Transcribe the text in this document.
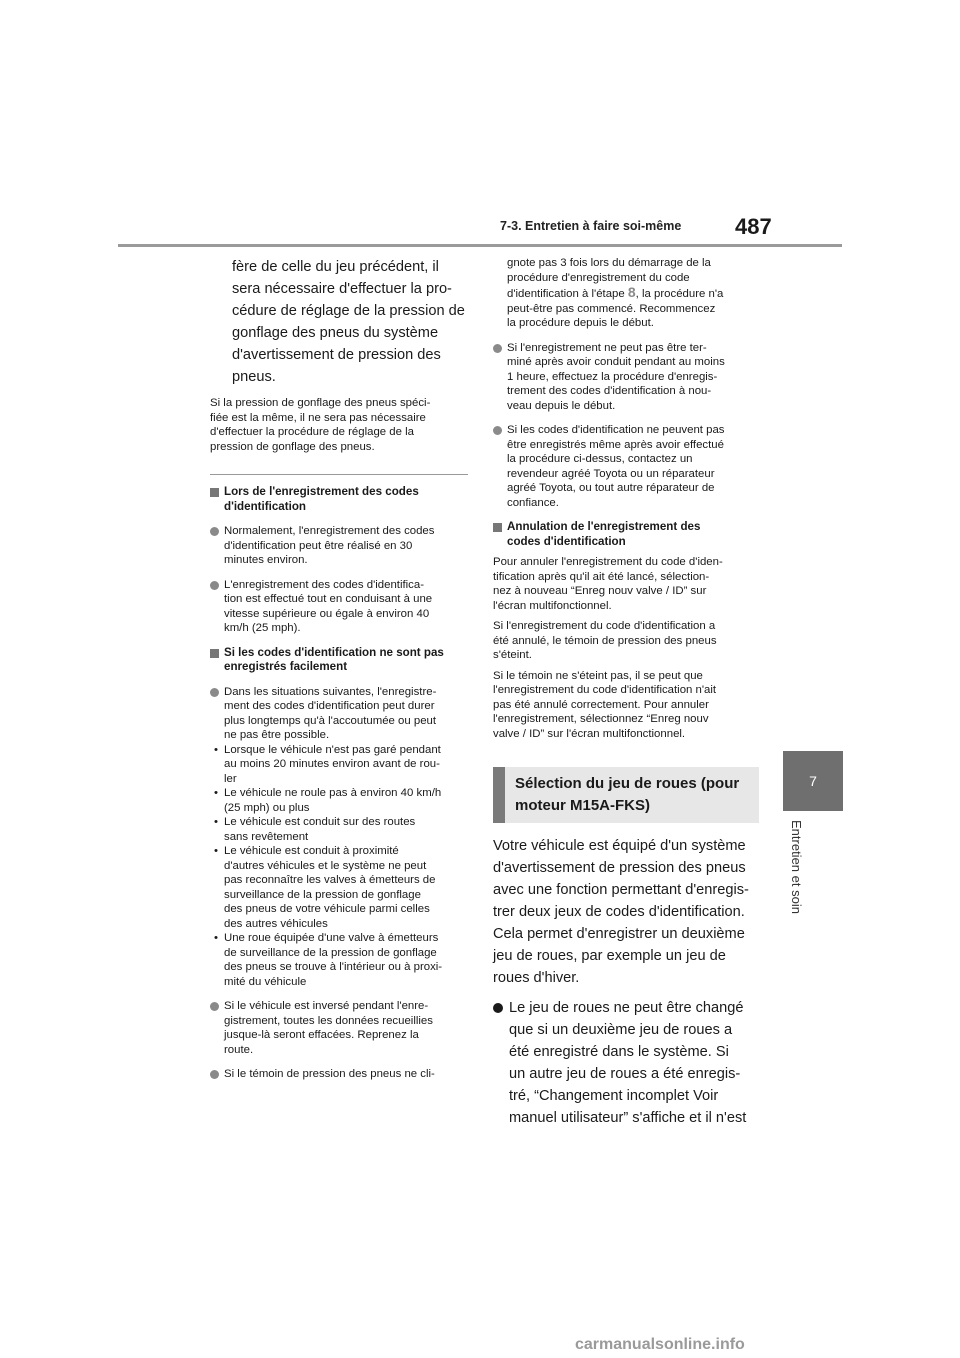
7-3. Entretien à faire soi-même 487
7
Entretien et soin
fère de celle du jeu précédent, il
sera nécessaire d'effectuer la pro-
cédure de réglage de la pression de
gonflage des pneus du système
d'avertissement de pression des
pneus.
Si la pression de gonflage des pneus spéci-
fiée est la même, il ne sera pas nécessaire
d'effectuer la procédure de réglage de la
pression de gonflage des pneus.
Lors de l'enregistrement des codes
d'identification
Normalement, l'enregistrement des codes
d'identification peut être réalisé en 30
minutes environ.
L'enregistrement des codes d'identifica-
tion est effectué tout en conduisant à une
vitesse supérieure ou égale à environ 40
km/h (25 mph).
Si les codes d'identification ne sont pas
enregistrés facilement
Dans les situations suivantes, l'enregistre-
ment des codes d'identification peut durer
plus longtemps qu'à l'accoutumée ou peut
ne pas être possible.
• Lorsque le véhicule n'est pas garé pendant
au moins 20 minutes environ avant de rou-
ler
• Le véhicule ne roule pas à environ 40 km/h
(25 mph) ou plus
• Le véhicule est conduit sur des routes
sans revêtement
• Le véhicule est conduit à proximité
d'autres véhicules et le système ne peut
pas reconnaître les valves à émetteurs de
surveillance de la pression de gonflage
des pneus de votre véhicule parmi celles
des autres véhicules
• Une roue équipée d'une valve à émetteurs
de surveillance de la pression de gonflage
des pneus se trouve à l'intérieur ou à proxi-
mité du véhicule
Si le véhicule est inversé pendant l'enre-
gistrement, toutes les données recueillies
jusque-là seront effacées. Reprenez la
route.
Si le témoin de pression des pneus ne cli-
gnote pas 3 fois lors du démarrage de la
procédure d'enregistrement du code
d'identification à l'étape 8, la procédure n'a
peut-être pas commencé. Recommencez
la procédure depuis le début.
Si l'enregistrement ne peut pas être ter-
miné après avoir conduit pendant au moins
1 heure, effectuez la procédure d'enregis-
trement des codes d'identification à nou-
veau depuis le début.
Si les codes d'identification ne peuvent pas
être enregistrés même après avoir effectué
la procédure ci-dessus, contactez un
revendeur agréé Toyota ou un réparateur
agréé Toyota, ou tout autre réparateur de
confiance.
Annulation de l'enregistrement des
codes d'identification
Pour annuler l'enregistrement du code d'iden-
tification après qu'il ait été lancé, sélection-
nez à nouveau “Enreg nouv valve / ID” sur
l'écran multifonctionnel.
Si l'enregistrement du code d'identification a
été annulé, le témoin de pression des pneus
s'éteint.
Si le témoin ne s'éteint pas, il se peut que
l'enregistrement du code d'identification n'ait
pas été annulé correctement. Pour annuler
l'enregistrement, sélectionnez “Enreg nouv
valve / ID” sur l'écran multifonctionnel.
Sélection du jeu de roues (pour
moteur M15A-FKS)
Votre véhicule est équipé d'un système
d'avertissement de pression des pneus
avec une fonction permettant d'enregis-
trer deux jeux de codes d'identification.
Cela permet d'enregistrer un deuxième
jeu de roues, par exemple un jeu de
roues d'hiver.
Le jeu de roues ne peut être changé
que si un deuxième jeu de roues a
été enregistré dans le système. Si
un autre jeu de roues a été enregis-
tré, “Changement incomplet Voir
manuel utilisateur” s'affiche et il n'est
carmanualsonline.info
